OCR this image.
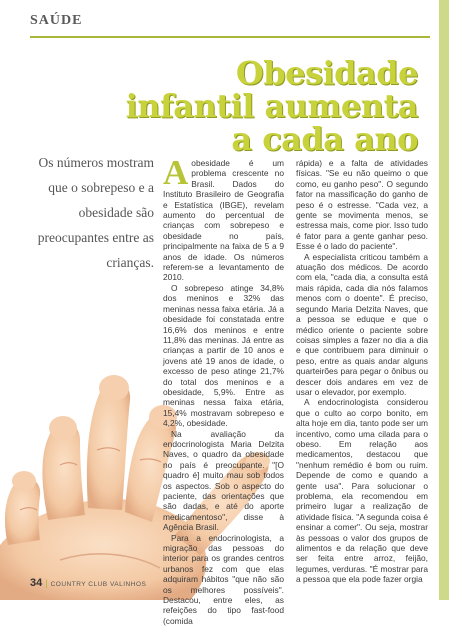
SAÚDE
Obesidade infantil aumenta a cada ano
Os números mostram que o sobrepeso e a obesidade são preocupantes entre as crianças.

Aobesidade é um problema crescente no Brasil. Dados do Instituto Brasileiro de Geografia e Estatística (IBGE), revelam aumento do percentual de crianças com sobrepeso e obesidade no país, principalmente na faixa de 5 a 9 anos de idade. Os números referem-se a levantamento de 2010.

O sobrepeso atinge 34,8% dos meninos e 32% das meninas nessa faixa etária. Já a obesidade foi constatada entre 16,6% dos meninos e entre 11,8% das meninas. Já entre as crianças a partir de 10 anos e jovens até 19 anos de idade, o excesso de peso atinge 21,7% do total dos meninos e a obesidade, 5,9%. Entre as meninas nessa faixa etária, 15,4% mostravam sobrepeso e 4,2%, obesidade.

Na avaliação da endocrinologista Maria Delzita Naves, o quadro da obesidade no país é preocupante. "[O quadro é] muito mau sob todos os aspectos. Sob o aspecto do paciente, das orientações que são dadas, e até do aporte medicamentoso", disse à Agência Brasil.

Para a endocrinologista, a migração das pessoas do interior para os grandes centros urbanos fez com que elas adquiram hábitos "que não são os melhores possíveis". Destacou, entre eles, as refeições do tipo fast-food (comida

rápida) e a falta de atividades físicas. "Se eu não queimo o que como, eu ganho peso". O segundo fator na massificação do ganho de peso é o estresse. "Cada vez, a gente se movimenta menos, se estressa mais, come pior. Isso tudo é fator para a gente ganhar peso. Esse é o lado do paciente".

A especialista criticou também a atuação dos médicos. De acordo com ela, "cada dia, a consulta está mais rápida, cada dia nós falamos menos com o doente". É preciso, segundo Maria Delzita Naves, que a pessoa se eduque e que o médico oriente o paciente sobre coisas simples a fazer no dia a dia e que contribuem para diminuir o peso, entre as quais andar alguns quarteirões para pegar o ônibus ou descer dois andares em vez de usar o elevador, por exemplo.

A endocrinologista considerou que o culto ao corpo bonito, em alta hoje em dia, tanto pode ser um incentivo, como uma cilada para o obeso. Em relação aos medicamentos, destacou que "nenhum remédio é bom ou ruim. Depende de como e quando a gente usa". Para solucionar o problema, ela recomendou em primeiro lugar a realização de atividade física. "A segunda coisa é ensinar a comer". Ou seja, mostrar às pessoas o valor dos grupos de alimentos e da relação que deve ser feita entre arroz, feijão, legumes, verduras. "É mostrar para a pessoa que ela pode fazer orgia

34 | COUNTRY CLUB VALINHOS
